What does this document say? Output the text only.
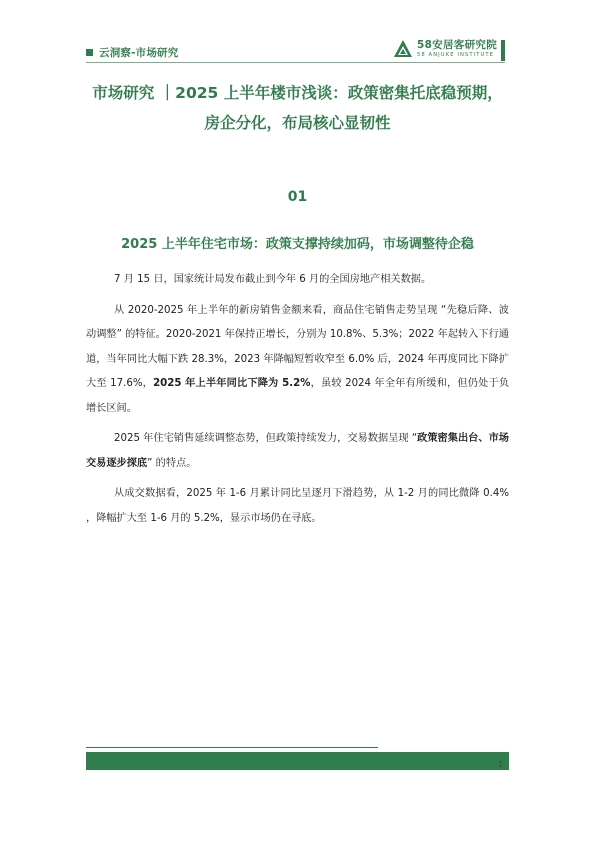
云洞察-市场研究
58安居客研究院
58 ANJUKE INSTITUTE
市场研究 ｜2025 上半年楼市浅谈：政策密集托底稳预期，
房企分化，布局核心显韧性
01
2025 上半年住宅市场：政策支撑持续加码，市场调整待企稳

7 月 15 日，国家统计局发布截止到今年 6 月的全国房地产相关数据。

从 2020-2025 年上半年的新房销售金额来看，商品住宅销售走势呈现 “先稳后降、波动调整” 的特征。2020-2021 年保持正增长，分别为 10.8%、5.3%；2022 年起转入下行通道，当年同比大幅下跌 28.3%，2023 年降幅短暂收窄至 6.0% 后，2024 年再度同比下降扩大至 17.6%，2025 年上半年同比下降为 5.2%，虽较 2024 年全年有所缓和，但仍处于负增长区间。

2025 年住宅销售延续调整态势，但政策持续发力，交易数据呈现 “政策密集出台、市场交易逐步探底” 的特点。

从成交数据看，2025 年 1-6 月累计同比呈逐月下滑趋势，从 1-2 月的同比微降 0.4% ，降幅扩大至 1-6 月的 5.2%，显示市场仍在寻底。

1
